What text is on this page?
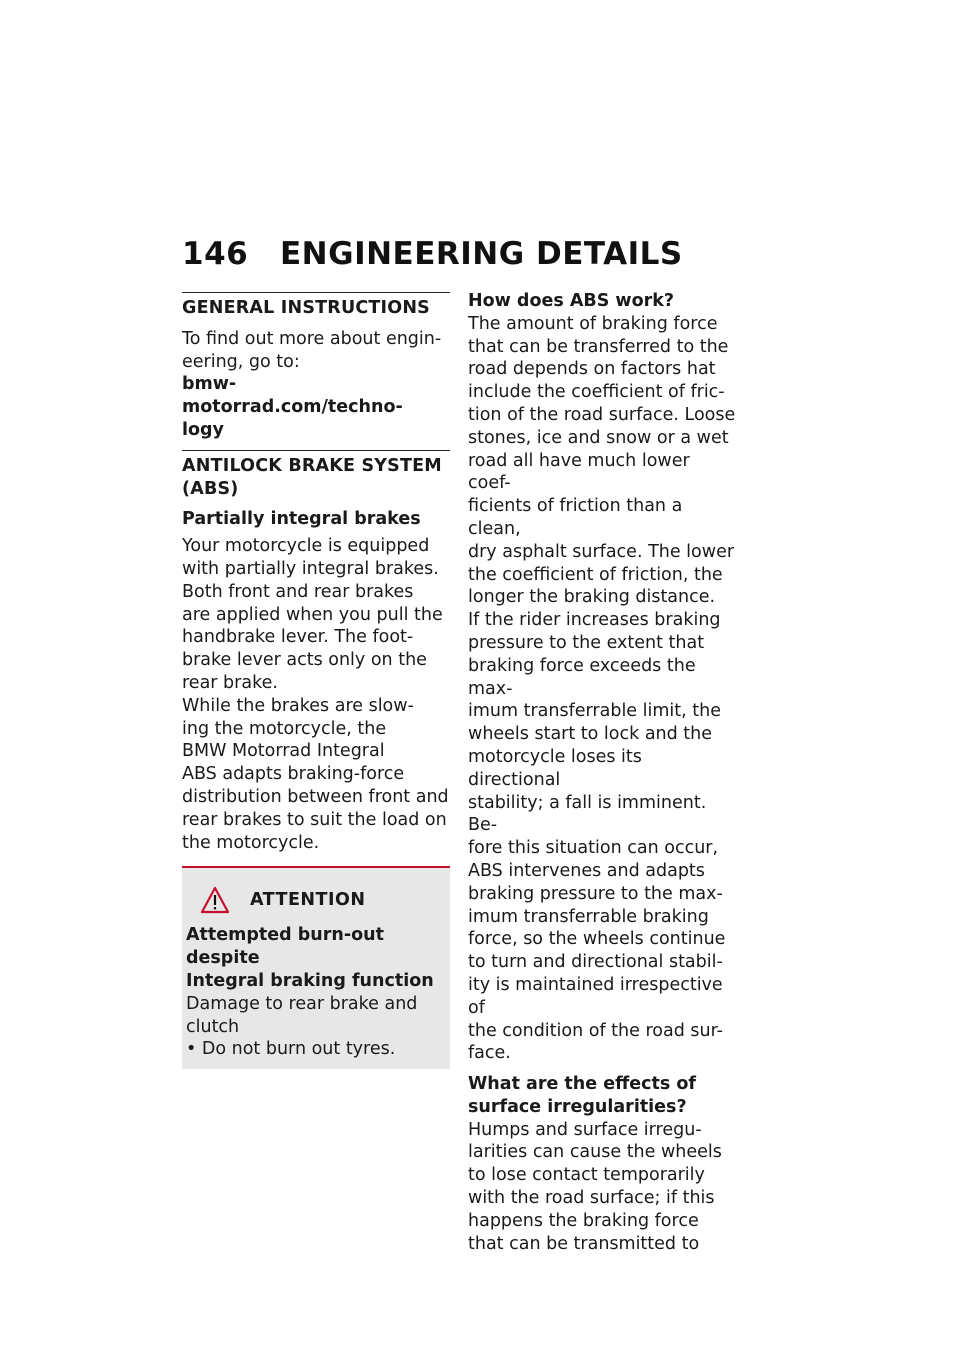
146 ENGINEERING DETAILS
GENERAL INSTRUCTIONS
To find out more about engin-
eering, go to:
bmw-motorrad.com/techno-
logy
ANTILOCK BRAKE SYSTEM
(ABS)

Partially integral brakes

Your motorcycle is equipped
with partially integral brakes.
Both front and rear brakes
are applied when you pull the
handbrake lever. The foot-
brake lever acts only on the
rear brake.
While the brakes are slow-
ing the motorcycle, the
BMW Motorrad Integral
ABS adapts braking-force
distribution between front and
rear brakes to suit the load on
the motorcycle.
ATTENTION
Attempted burn-out despite
Integral braking function
Damage to rear brake and
clutch
• Do not burn out tyres.

How does ABS work?

The amount of braking force
that can be transferred to the
road depends on factors hat
include the coefficient of fric-
tion of the road surface. Loose
stones, ice and snow or a wet
road all have much lower coef-
ficients of friction than a clean,
dry asphalt surface. The lower
the coefficient of friction, the
longer the braking distance.
If the rider increases braking
pressure to the extent that
braking force exceeds the max-
imum transferrable limit, the
wheels start to lock and the
motorcycle loses its directional
stability; a fall is imminent. Be-
fore this situation can occur,
ABS intervenes and adapts
braking pressure to the max-
imum transferrable braking
force, so the wheels continue
to turn and directional stabil-
ity is maintained irrespective of
the condition of the road sur-
face.
What are the effects of
surface irregularities?
Humps and surface irregu-
larities can cause the wheels
to lose contact temporarily
with the road surface; if this
happens the braking force
that can be transmitted to
